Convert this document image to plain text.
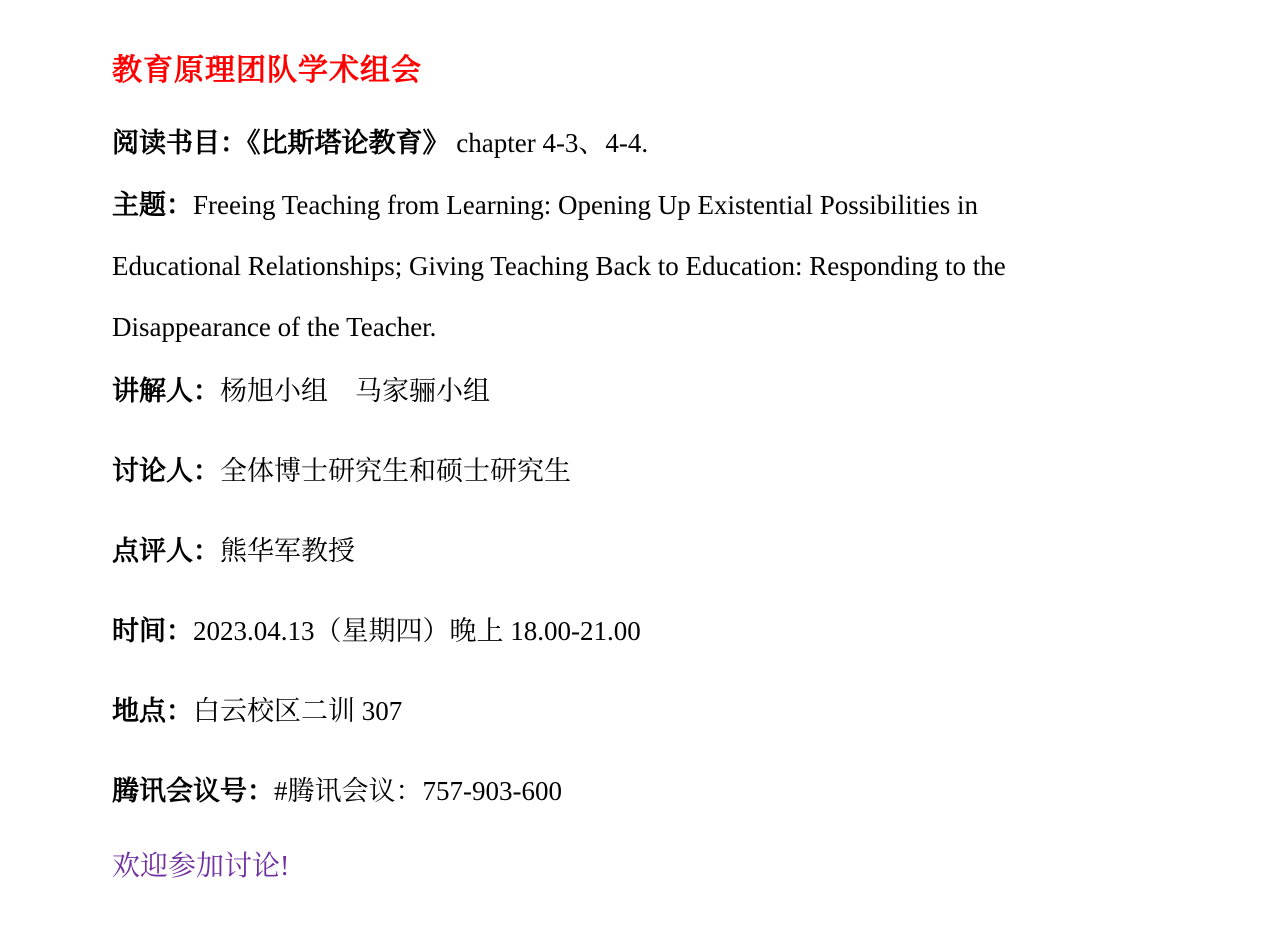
教育原理团队学术组会

阅读书目：《比斯塔论教育》 chapter 4-3、4-4.

主题：Freeing Teaching from Learning: Opening Up Existential Possibilities in
Educational Relationships; Giving Teaching Back to Education: Responding to the
Disappearance of the Teacher.

讲解人：杨旭小组　马家骊小组

讨论人：全体博士研究生和硕士研究生

点评人：熊华军教授

时间：2023.04.13（星期四）晚上 18.00-21.00

地点：白云校区二训 307

腾讯会议号：#腾讯会议：757-903-600

欢迎参加讨论!
